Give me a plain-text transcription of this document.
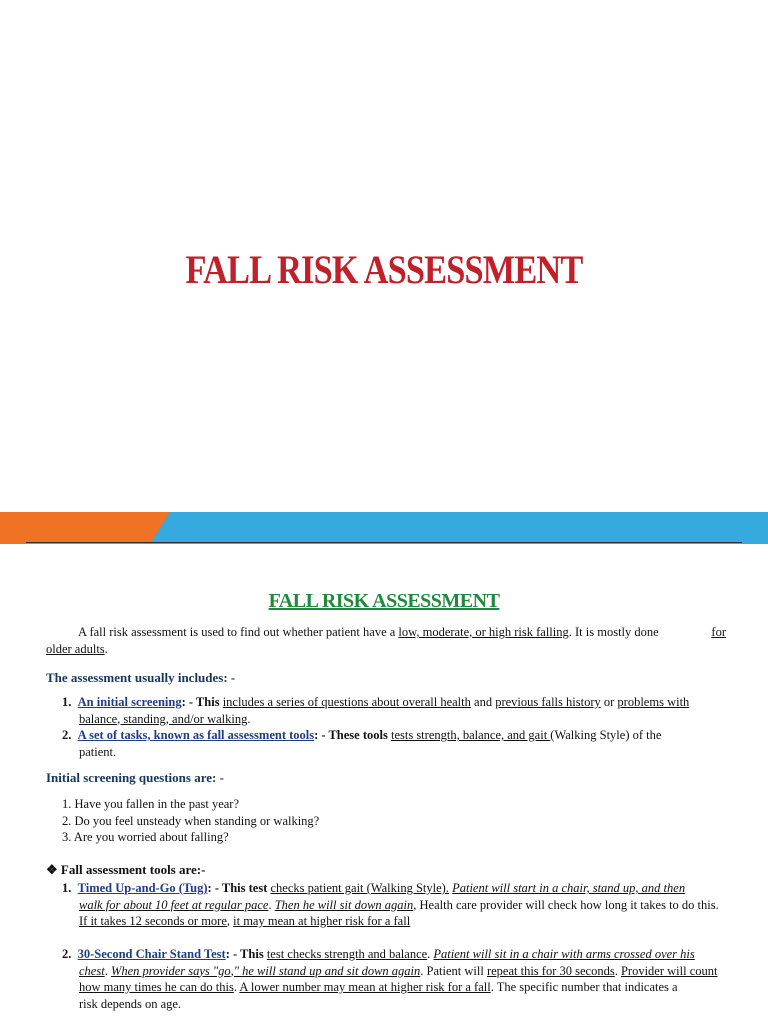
FALL RISK ASSESSMENT
FALL RISK ASSESSMENT
A fall risk assessment is used to find out whether patient have a low, moderate, or high risk falling. It is mostly done	for

older adults.
The assessment usually includes: -
1. An initial screening: - This includes a series of questions about overall health and previous falls history or problems with
balance, standing, and/or walking.
2. A set of tasks, known as fall assessment tools: - These tools tests strength, balance, and gait (Walking Style) of the
patient.
Initial screening questions are: -
1. Have you fallen in the past year?
2. Do you feel unsteady when standing or walking?
3. Are you worried about falling?
❖ Fall assessment tools are:-
1. Timed Up-and-Go (Tug): - This test checks patient gait (Walking Style). Patient will start in a chair, stand up, and then
walk for about 10 feet at regular pace. Then he will sit down again, Health care provider will check how long it takes to do this.
If it takes 12 seconds or more, it may mean at higher risk for a fall
2. 30-Second Chair Stand Test: - This test checks strength and balance. Patient will sit in a chair with arms crossed over his
chest. When provider says "go," he will stand up and sit down again. Patient will repeat this for 30 seconds. Provider will count
how many times he can do this. A lower number may mean at higher risk for a fall. The specific number that indicates a
risk depends on age.
